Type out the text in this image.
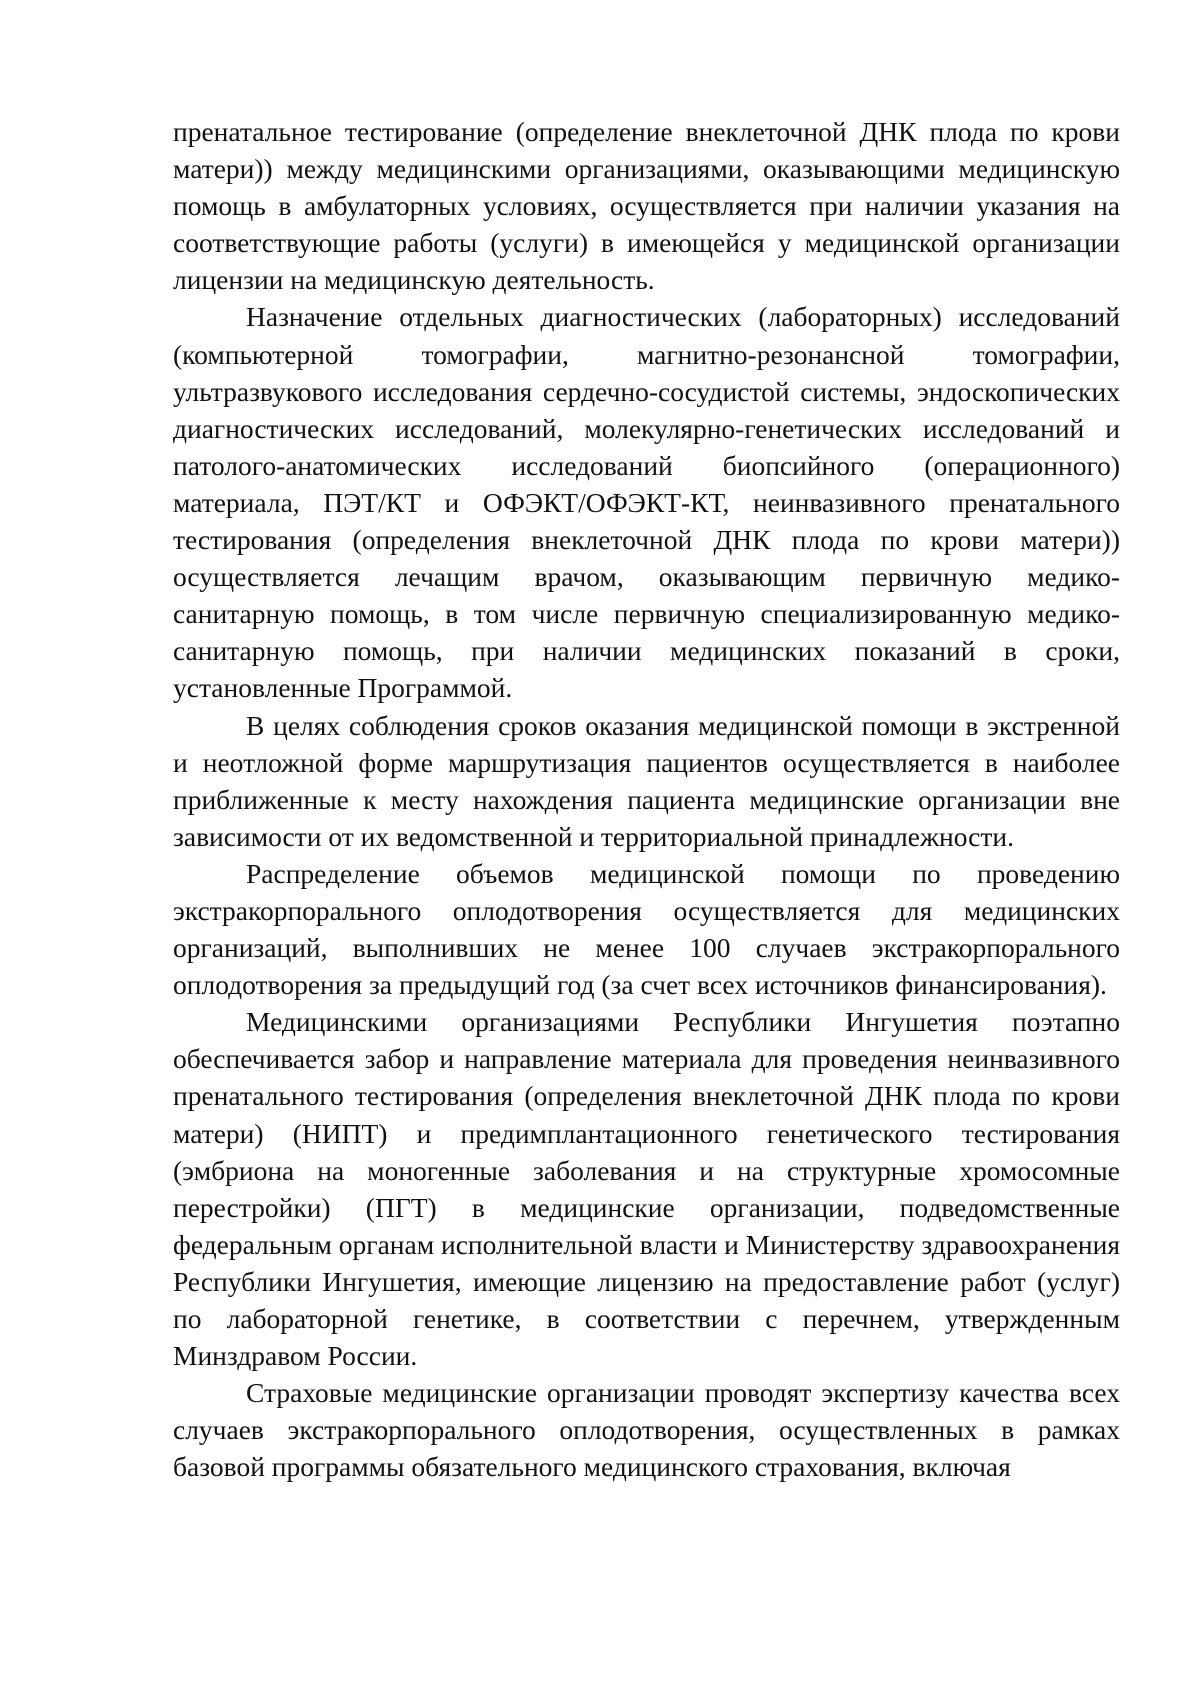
пренатальное тестирование (определение внеклеточной ДНК плода по крови матери)) между медицинскими организациями, оказывающими медицинскую помощь в амбулаторных условиях, осуществляется при наличии указания на соответствующие работы (услуги) в имеющейся у медицинской организации лицензии на медицинскую деятельность.

Назначение отдельных диагностических (лабораторных) исследований (компьютерной томографии, магнитно-резонансной томографии, ультразвукового исследования сердечно-сосудистой системы, эндоскопических диагностических исследований, молекулярно-генетических исследований и патолого-анатомических исследований биопсийного (операционного) материала, ПЭТ/КТ и ОФЭКТ/ОФЭКТ-КТ, неинвазивного пренатального тестирования (определения внеклеточной ДНК плода по крови матери)) осуществляется лечащим врачом, оказывающим первичную медико-санитарную помощь, в том числе первичную специализированную медико-санитарную помощь, при наличии медицинских показаний в сроки, установленные Программой.

В целях соблюдения сроков оказания медицинской помощи в экстренной и неотложной форме маршрутизация пациентов осуществляется в наиболее приближенные к месту нахождения пациента медицинские организации вне зависимости от их ведомственной и территориальной принадлежности.

Распределение объемов медицинской помощи по проведению экстракорпорального оплодотворения осуществляется для медицинских организаций, выполнивших не менее 100 случаев экстракорпорального оплодотворения за предыдущий год (за счет всех источников финансирования).

Медицинскими организациями Республики Ингушетия поэтапно обеспечивается забор и направление материала для проведения неинвазивного пренатального тестирования (определения внеклеточной ДНК плода по крови матери) (НИПТ) и предимплантационного генетического тестирования (эмбриона на моногенные заболевания и на структурные хромосомные перестройки) (ПГТ) в медицинские организации, подведомственные федеральным органам исполнительной власти и Министерству здравоохранения Республики Ингушетия, имеющие лицензию на предоставление работ (услуг) по лабораторной генетике, в соответствии с перечнем, утвержденным Минздравом России.

Страховые медицинские организации проводят экспертизу качества всех случаев экстракорпорального оплодотворения, осуществленных в рамках базовой программы обязательного медицинского страхования, включая
